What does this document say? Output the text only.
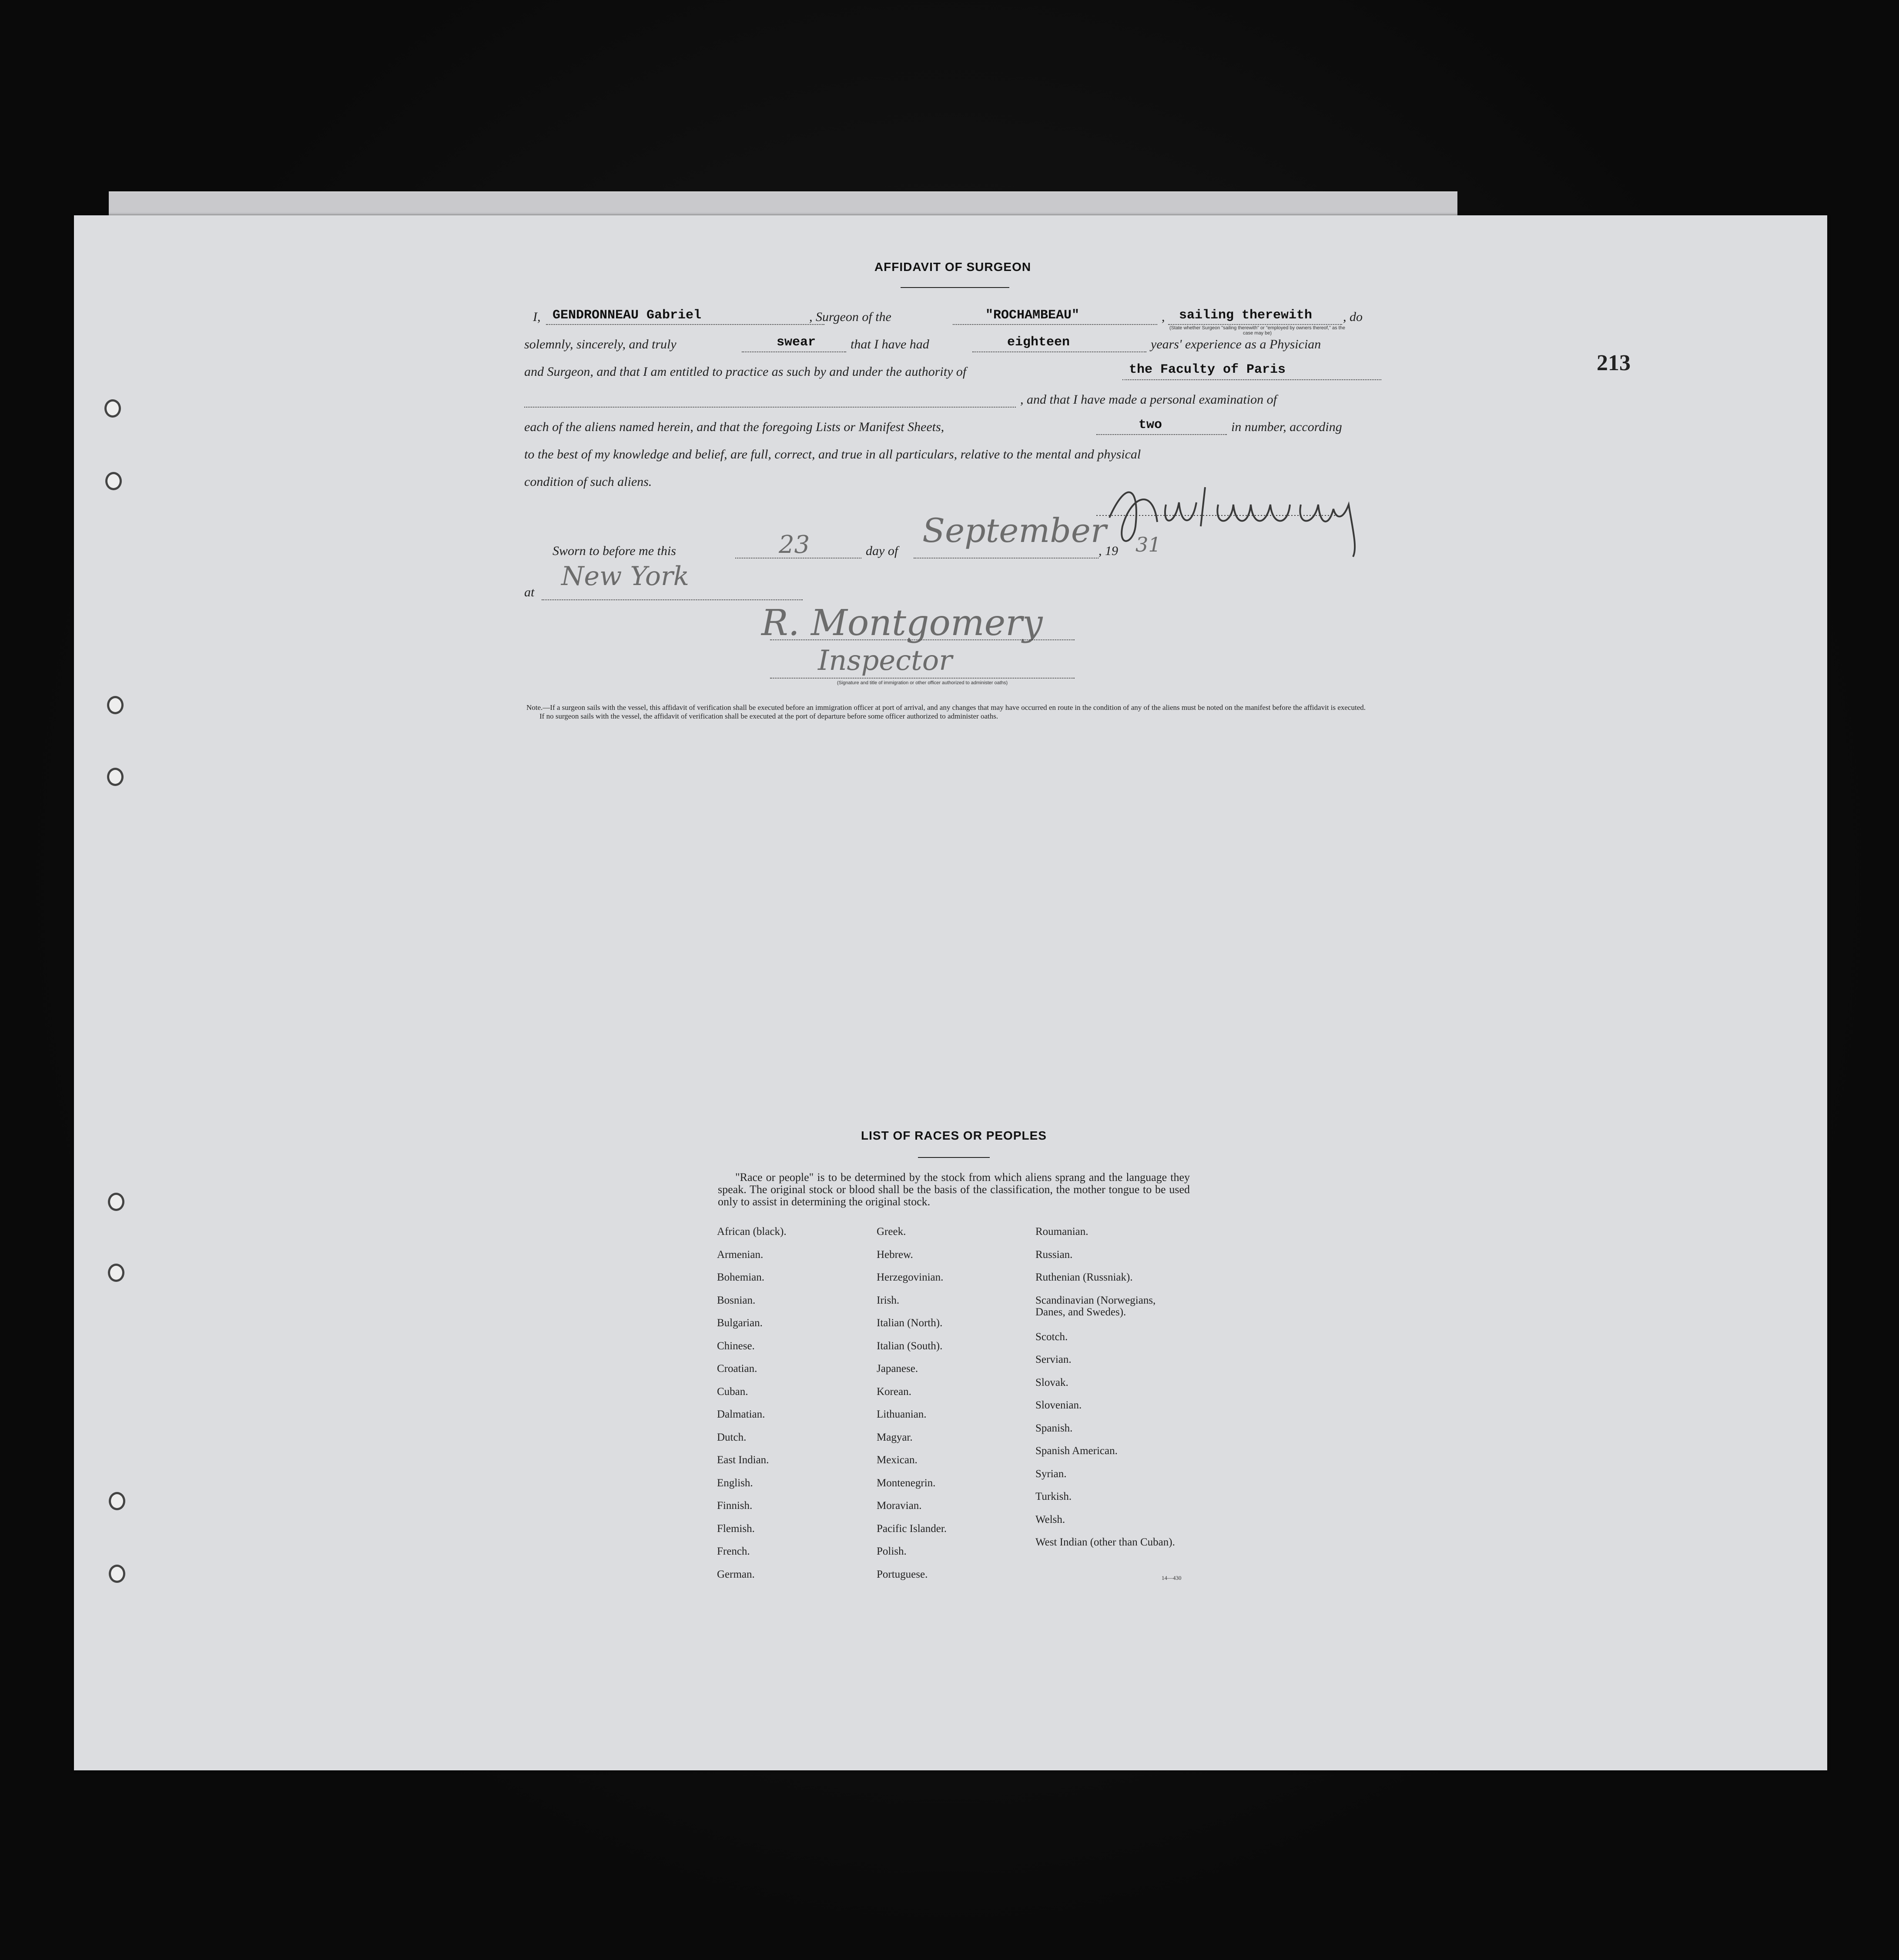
213
AFFIDAVIT OF SURGEON
I,	, Surgeon of the	,	, do
GENDRONNEAU Gabriel	"ROCHAMBEAU"	sailing therewith
(State whether Surgeon "sailing therewith" or "employed by owners thereof," as the case may be)
solemnly, sincerely, and truly	that I have had	years' experience as a Physician
swear	eighteen
and Surgeon, and that I am entitled to practice as such by and under the authority of	the Faculty of Paris
, and that I have made a personal examination of
each of the aliens named herein, and that the foregoing Lists or Manifest Sheets,	in number, according
two
to the best of my knowledge and belief, are full, correct, and true in all particulars, relative to the mental and physical
condition of such aliens.
Sworn to before me this	day of	, 19
23	September 31
at
New York
R. Montgomery
Inspector
(Signature and title of immigration or other officer authorized to administer oaths)

Note.—If a surgeon sails with the vessel, this affidavit of verification shall be executed before an immigration officer at port of arrival, and any changes that may have occurred en route in the condition of any of the aliens must be noted on the manifest before the affidavit is executed.

If no surgeon sails with the vessel, the affidavit of verification shall be executed at the port of departure before some officer authorized to administer oaths.

LIST OF RACES OR PEOPLES
"Race or people" is to be determined by the stock from which aliens sprang and the language they speak. The original stock or blood shall be the basis of the classification, the mother tongue to be used only to assist in determining the original stock.
African (black).
Armenian.
Bohemian.
Bosnian.
Bulgarian.
Chinese.
Croatian.
Cuban.
Dalmatian.
Dutch.
East Indian.
English.
Finnish.
Flemish.
French.
German.
Greek.
Hebrew.
Herzegovinian.
Irish.
Italian (North).
Italian (South).
Japanese.
Korean.
Lithuanian.
Magyar.
Mexican.
Montenegrin.
Moravian.
Pacific Islander.
Polish.
Portuguese.
Roumanian.
Russian.
Ruthenian (Russniak).
Scandinavian (Norwegians, Danes, and Swedes).
Scotch.
Servian.
Slovak.
Slovenian.
Spanish.
Spanish American.
Syrian.
Turkish.
Welsh.
West Indian (other than Cuban).
14—430
